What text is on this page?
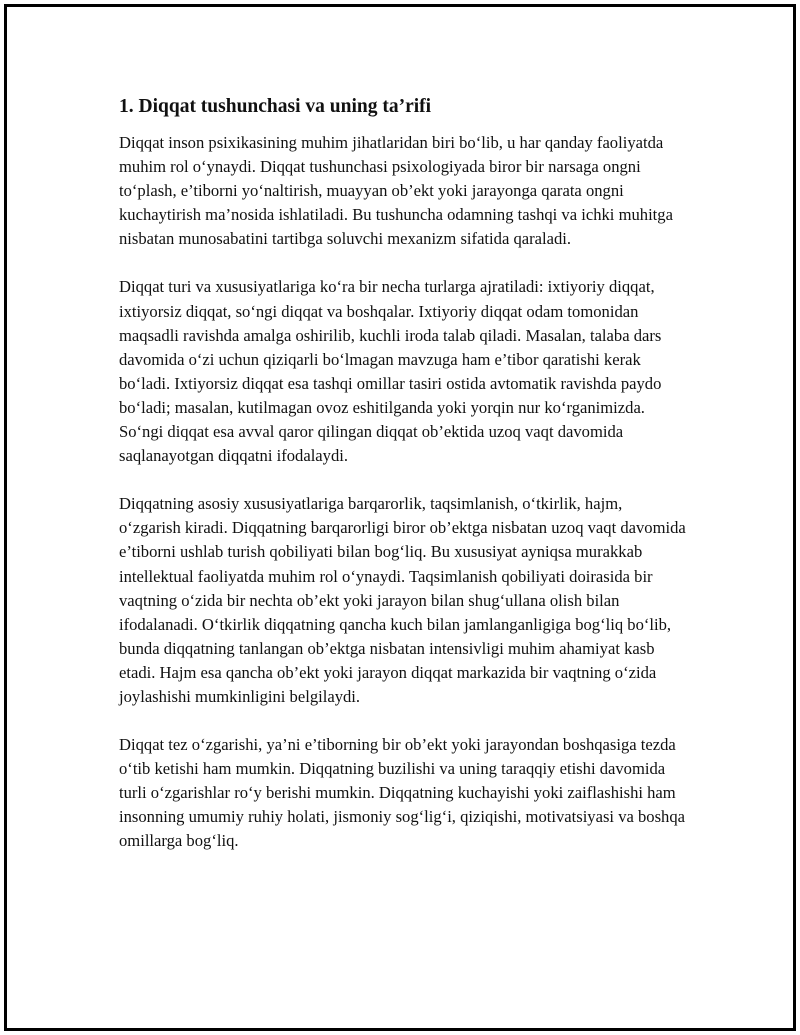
1. Diqqat tushunchasi va uning ta’rifi

Diqqat inson psixikasining muhim jihatlaridan biri bo‘lib, u har qanday faoliyatda muhim rol o‘ynaydi. Diqqat tushunchasi psixologiyada biror bir narsaga ongni to‘plash, e’tiborni yo‘naltirish, muayyan ob’ekt yoki jarayonga qarata ongni kuchaytirish ma’nosida ishlatiladi. Bu tushuncha odamning tashqi va ichki muhitga nisbatan munosabatini tartibga soluvchi mexanizm sifatida qaraladi.

Diqqat turi va xususiyatlariga ko‘ra bir necha turlarga ajratiladi: ixtiyoriy diqqat, ixtiyorsiz diqqat, so‘ngi diqqat va boshqalar. Ixtiyoriy diqqat odam tomonidan maqsadli ravishda amalga oshirilib, kuchli iroda talab qiladi. Masalan, talaba dars davomida o‘zi uchun qiziqarli bo‘lmagan mavzuga ham e’tibor qaratishi kerak bo‘ladi. Ixtiyorsiz diqqat esa tashqi omillar tasiri ostida avtomatik ravishda paydo bo‘ladi; masalan, kutilmagan ovoz eshitilganda yoki yorqin nur ko‘rganimizda. So‘ngi diqqat esa avval qaror qilingan diqqat ob’ektida uzoq vaqt davomida saqlanayotgan diqqatni ifodalaydi.

Diqqatning asosiy xususiyatlariga barqarorlik, taqsimlanish, o‘tkirlik, hajm, o‘zgarish kiradi. Diqqatning barqarorligi biror ob’ektga nisbatan uzoq vaqt davomida e’tiborni ushlab turish qobiliyati bilan bog‘liq. Bu xususiyat ayniqsa murakkab intellektual faoliyatda muhim rol o‘ynaydi. Taqsimlanish qobiliyati doirasida bir vaqtning o‘zida bir nechta ob’ekt yoki jarayon bilan shug‘ullana olish bilan ifodalanadi. O‘tkirlik diqqatning qancha kuch bilan jamlanganligiga bog‘liq bo‘lib, bunda diqqatning tanlangan ob’ektga nisbatan intensivligi muhim ahamiyat kasb etadi. Hajm esa qancha ob’ekt yoki jarayon diqqat markazida bir vaqtning o‘zida joylashishi mumkinligini belgilaydi.

Diqqat tez o‘zgarishi, ya’ni e’tiborning bir ob’ekt yoki jarayondan boshqasiga tezda o‘tib ketishi ham mumkin. Diqqatning buzilishi va uning taraqqiy etishi davomida turli o‘zgarishlar ro‘y berishi mumkin. Diqqatning kuchayishi yoki zaiflashishi ham insonning umumiy ruhiy holati, jismoniy sog‘lig‘i, qiziqishi, motivatsiyasi va boshqa omillarga bog‘liq.
